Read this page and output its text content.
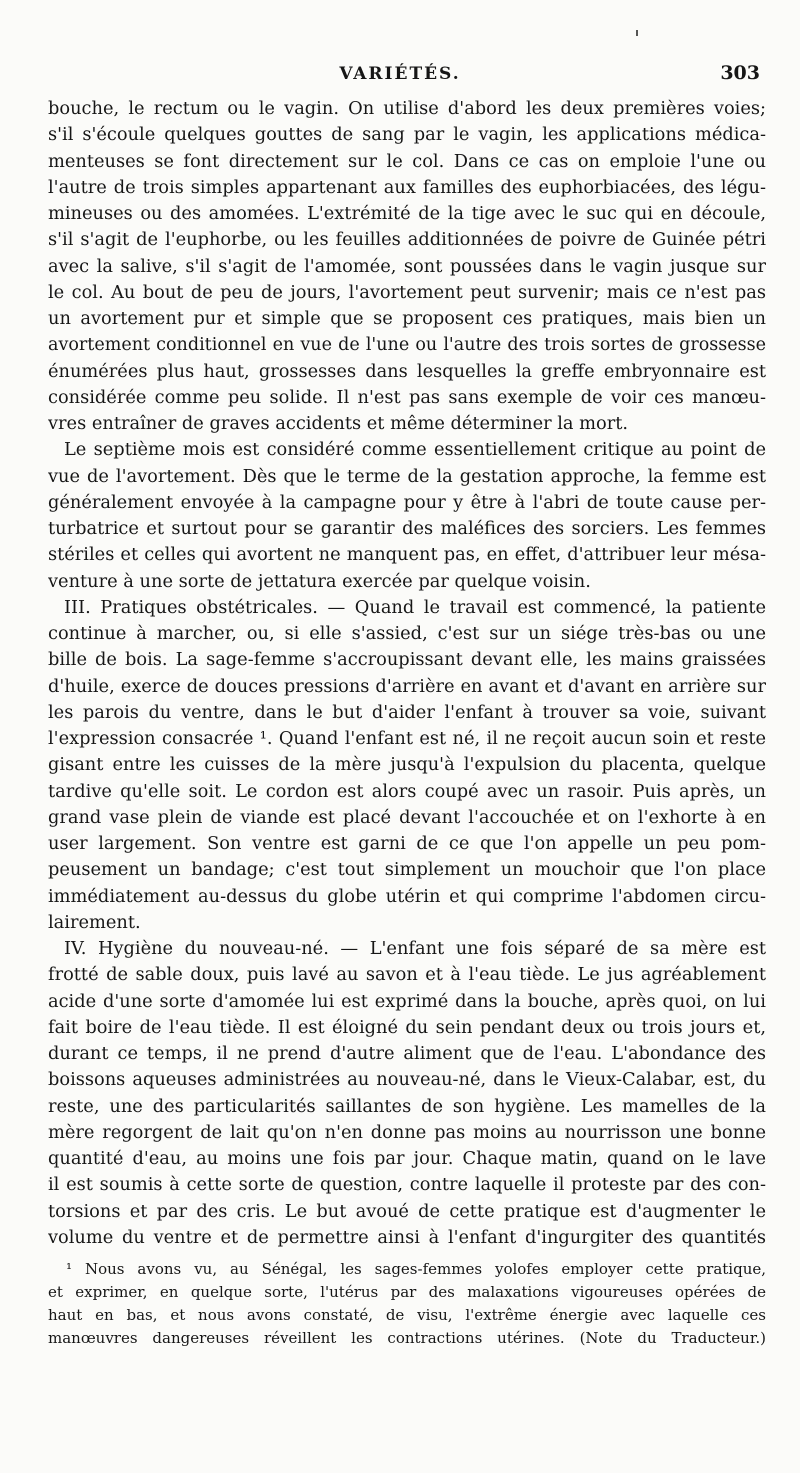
VARIÉTÉS.	303
bouche, le rectum ou le vagin. On utilise d'abord les deux premières voies;
s'il s'écoule quelques gouttes de sang par le vagin, les applications médica-
menteuses se font directement sur le col. Dans ce cas on emploie l'une ou
l'autre de trois simples appartenant aux familles des euphorbiacées, des légu-
mineuses ou des amomées. L'extrémité de la tige avec le suc qui en découle,
s'il s'agit de l'euphorbe, ou les feuilles additionnées de poivre de Guinée pétri
avec la salive, s'il s'agit de l'amomée, sont poussées dans le vagin jusque sur
le col. Au bout de peu de jours, l'avortement peut survenir; mais ce n'est pas
un avortement pur et simple que se proposent ces pratiques, mais bien un
avortement conditionnel en vue de l'une ou l'autre des trois sortes de grossesse
énumérées plus haut, grossesses dans lesquelles la greffe embryonnaire est
considérée comme peu solide. Il n'est pas sans exemple de voir ces manœu-
vres entraîner de graves accidents et même déterminer la mort.
Le septième mois est considéré comme essentiellement critique au point de
vue de l'avortement. Dès que le terme de la gestation approche, la femme est
généralement envoyée à la campagne pour y être à l'abri de toute cause per-
turbatrice et surtout pour se garantir des maléfices des sorciers. Les femmes
stériles et celles qui avortent ne manquent pas, en effet, d'attribuer leur mésa-
venture à une sorte de jettatura exercée par quelque voisin.
III. Pratiques obstétricales. — Quand le travail est commencé, la patiente
continue à marcher, ou, si elle s'assied, c'est sur un siége très-bas ou une
bille de bois. La sage-femme s'accroupissant devant elle, les mains graissées
d'huile, exerce de douces pressions d'arrière en avant et d'avant en arrière sur
les parois du ventre, dans le but d'aider l'enfant à trouver sa voie, suivant
l'expression consacrée ¹. Quand l'enfant est né, il ne reçoit aucun soin et reste
gisant entre les cuisses de la mère jusqu'à l'expulsion du placenta, quelque
tardive qu'elle soit. Le cordon est alors coupé avec un rasoir. Puis après, un
grand vase plein de viande est placé devant l'accouchée et on l'exhorte à en
user largement. Son ventre est garni de ce que l'on appelle un peu pom-
peusement un bandage; c'est tout simplement un mouchoir que l'on place
immédiatement au-dessus du globe utérin et qui comprime l'abdomen circu-
lairement.
IV. Hygiène du nouveau-né. — L'enfant une fois séparé de sa mère est
frotté de sable doux, puis lavé au savon et à l'eau tiède. Le jus agréablement
acide d'une sorte d'amomée lui est exprimé dans la bouche, après quoi, on lui
fait boire de l'eau tiède. Il est éloigné du sein pendant deux ou trois jours et,
durant ce temps, il ne prend d'autre aliment que de l'eau. L'abondance des
boissons aqueuses administrées au nouveau-né, dans le Vieux-Calabar, est, du
reste, une des particularités saillantes de son hygiène. Les mamelles de la
mère regorgent de lait qu'on n'en donne pas moins au nourrisson une bonne
quantité d'eau, au moins une fois par jour. Chaque matin, quand on le lave
il est soumis à cette sorte de question, contre laquelle il proteste par des con-
torsions et par des cris. Le but avoué de cette pratique est d'augmenter le
volume du ventre et de permettre ainsi à l'enfant d'ingurgiter des quantités
¹ Nous avons vu, au Sénégal, les sages-femmes yolofes employer cette pratique,
et exprimer, en quelque sorte, l'utérus par des malaxations vigoureuses opérées de
haut en bas, et nous avons constaté, de visu, l'extrême énergie avec laquelle ces
manœuvres dangereuses réveillent les contractions utérines. (Note du Traducteur.)
